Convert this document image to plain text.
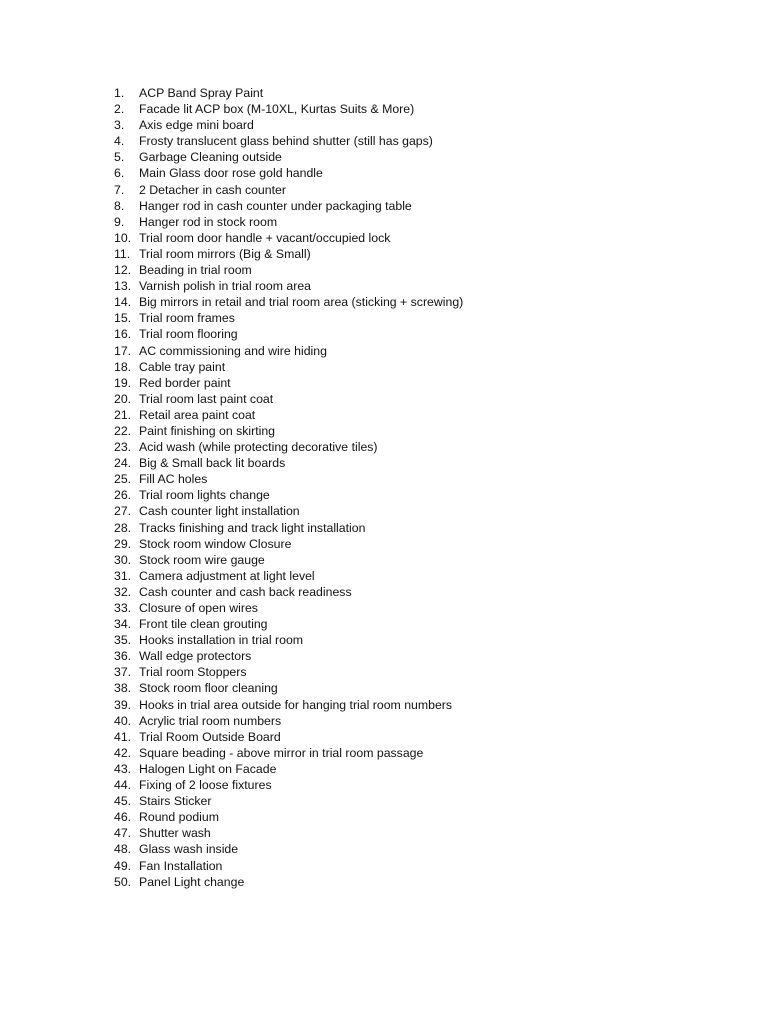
1.	ACP Band Spray Paint
2.	Facade lit ACP box (M-10XL, Kurtas Suits & More)
3.	Axis edge mini board
4.	Frosty translucent glass behind shutter (still has gaps)
5.	Garbage Cleaning outside
6.	Main Glass door rose gold handle
7.	2 Detacher in cash counter
8.	Hanger rod in cash counter under packaging table
9.	Hanger rod in stock room
10. Trial room door handle + vacant/occupied lock
11. Trial room mirrors (Big & Small)
12. Beading in trial room
13. Varnish polish in trial room area
14. Big mirrors in retail and trial room area (sticking + screwing)
15. Trial room frames
16. Trial room flooring
17. AC commissioning and wire hiding
18. Cable tray paint
19. Red border paint
20. Trial room last paint coat
21. Retail area paint coat
22. Paint finishing on skirting
23. Acid wash (while protecting decorative tiles)
24. Big & Small back lit boards
25. Fill AC holes
26. Trial room lights change
27. Cash counter light installation
28. Tracks finishing and track light installation
29. Stock room window Closure
30. Stock room wire gauge
31. Camera adjustment at light level
32. Cash counter and cash back readiness
33. Closure of open wires
34. Front tile clean grouting
35. Hooks installation in trial room
36. Wall edge protectors
37. Trial room Stoppers
38. Stock room floor cleaning
39. Hooks in trial area outside for hanging trial room numbers
40. Acrylic trial room numbers
41. Trial Room Outside Board
42. Square beading - above mirror in trial room passage
43. Halogen Light on Facade
44. Fixing of 2 loose fixtures
45. Stairs Sticker
46. Round podium
47. Shutter wash
48. Glass wash inside
49. Fan Installation
50. Panel Light change
